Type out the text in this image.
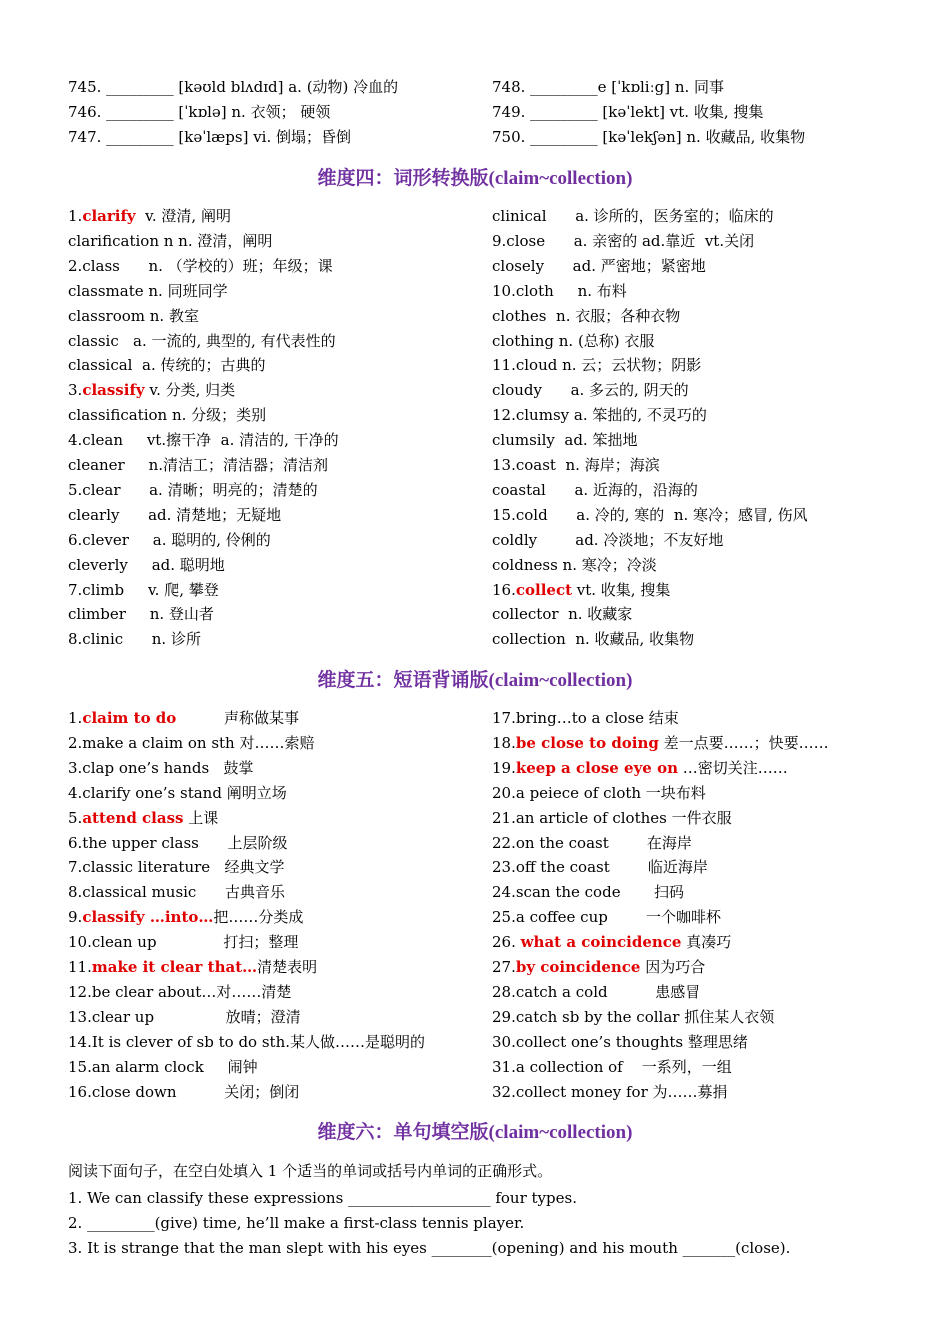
745. _________ [kəʊld blʌdɪd] a. (动物) 冷血的	748. _________e [ˈkɒliːg] n. 同事
746. _________ [ˈkɒlə] n. 衣领； 硬领	749. _________ [kəˈlekt] vt. 收集, 搜集
747. _________ [kəˈlæps] vi. 倒塌；昏倒	750. _________ [kəˈlekʃən] n. 收藏品, 收集物
维度四：词形转换版(claim~collection)
1.clarify  v. 澄清, 阐明
clarification n n. 澄清，阐明
2.class      n. （学校的）班；年级；课
classmate n. 同班同学
classroom n. 教室
classic   a. 一流的, 典型的, 有代表性的
classical  a. 传统的；古典的
3.classify v. 分类, 归类
classification n. 分级；类别
4.clean     vt.擦干净  a. 清洁的, 干净的
cleaner     n.清洁工；清洁器；清洁剂
5.clear      a. 清晰；明亮的；清楚的
clearly      ad. 清楚地；无疑地
6.clever     a. 聪明的, 伶俐的
cleverly     ad. 聪明地
7.climb     v. 爬, 攀登
climber     n. 登山者
8.clinic      n. 诊所
clinical      a. 诊所的，医务室的；临床的
9.close      a. 亲密的 ad.靠近  vt.关闭
closely      ad. 严密地；紧密地
10.cloth     n. 布料
clothes  n. 衣服；各种衣物
clothing n. (总称) 衣服
11.cloud n. 云；云状物；阴影
cloudy      a. 多云的, 阴天的
12.clumsy a. 笨拙的, 不灵巧的
clumsily  ad. 笨拙地
13.coast  n. 海岸；海滨
coastal      a. 近海的，沿海的
15.cold      a. 冷的, 寒的  n. 寒冷；感冒, 伤风
coldly        ad. 冷淡地；不友好地
coldness n. 寒冷；冷淡
16.collect vt. 收集, 搜集
collector  n. 收藏家
collection  n. 收藏品, 收集物
维度五：短语背诵版(claim~collection)
1.claim to do          声称做某事
2.make a claim on sth 对……索赔
3.clap one’s hands   鼓掌
4.clarify one’s stand 阐明立场
5.attend class 上课
6.the upper class      上层阶级
7.classic literature   经典文学
8.classical music      古典音乐
9.classify …into…把……分类成
10.clean up              打扫；整理
11.make it clear that…清楚表明
12.be clear about…对……清楚
13.clear up               放晴；澄清
14.It is clever of sb to do sth.某人做……是聪明的
15.an alarm clock     闹钟
16.close down          关闭；倒闭
17.bring…to a close 结束
18.be close to doing 差一点要……；快要……
19.keep a close eye on …密切关注……
20.a peiece of cloth 一块布料
21.an article of clothes 一件衣服
22.on the coast        在海岸
23.off the coast        临近海岸
24.scan the code       扫码
25.a coffee cup        一个咖啡杯
26. what a coincidence 真凑巧
27.by coincidence 因为巧合
28.catch a cold          患感冒
29.catch sb by the collar 抓住某人衣领
30.collect one’s thoughts 整理思绪
31.a collection of    一系列，一组
32.collect money for 为……募捐
维度六：单句填空版(claim~collection)
阅读下面句子，在空白处填入 1 个适当的单词或括号内单词的正确形式。
1. We can classify these expressions ___________________ four types.
2. _________(give) time, he’ll make a first-class tennis player.
3. It is strange that the man slept with his eyes ________(opening) and his mouth _______(close).
